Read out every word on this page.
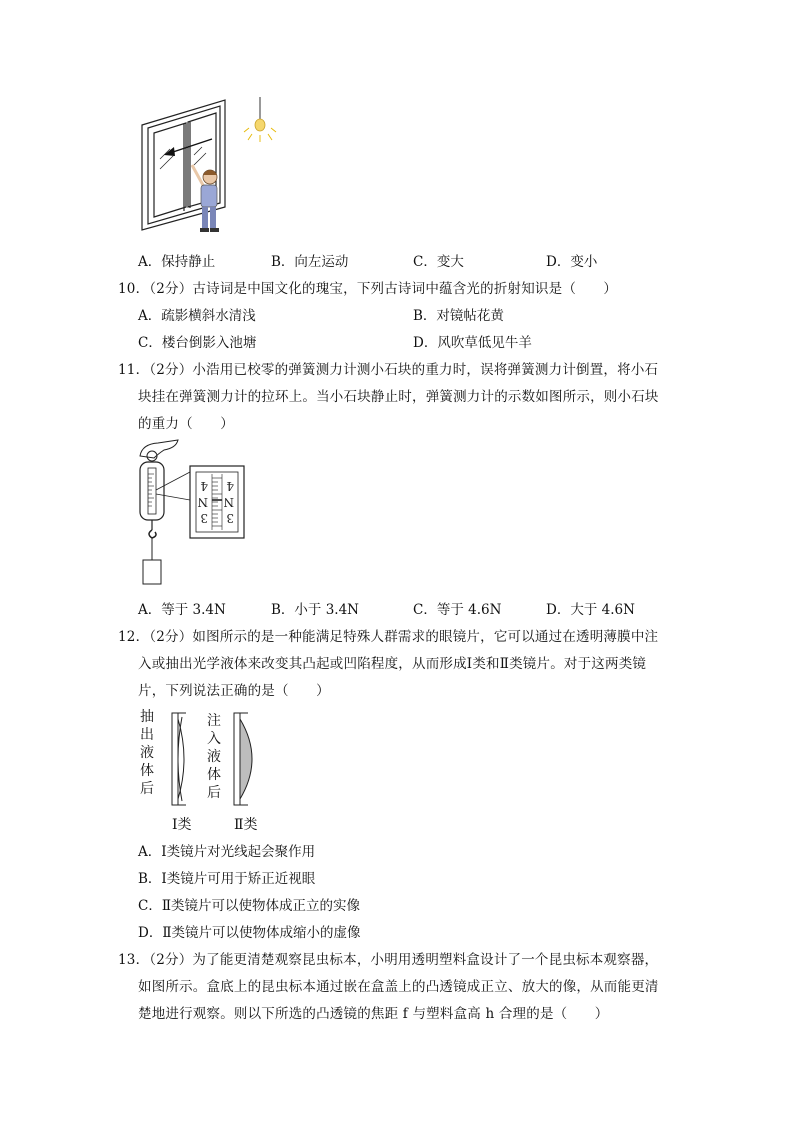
A．保持静止	B．向左运动	C．变大	D．变小
10．（2分）古诗词是中国文化的瑰宝，下列古诗词中蕴含光的折射知识是（　　）
A．疏影横斜水清浅	B．对镜帖花黄
C．楼台倒影入池塘	D．风吹草低见牛羊
11．（2分）小浩用已校零的弹簧测力计测小石块的重力时，误将弹簧测力计倒置，将小石
块挂在弹簧测力计的拉环上。当小石块静止时，弹簧测力计的示数如图所示，则小石块
的重力（　　）
4
N
3
4
N
3
A．等于 3.4N	B．小于 3.4N	C．等于 4.6N	D．大于 4.6N
12．（2分）如图所示的是一种能满足特殊人群需求的眼镜片，它可以通过在透明薄膜中注
入或抽出光学液体来改变其凸起或凹陷程度，从而形成Ⅰ类和Ⅱ类镜片。对于这两类镜
片，下列说法正确的是（　　）
抽
出
液
体
后
注
入
液
体
后
Ⅰ类	Ⅱ类
A．Ⅰ类镜片对光线起会聚作用
B．Ⅰ类镜片可用于矫正近视眼
C．Ⅱ类镜片可以使物体成正立的实像
D．Ⅱ类镜片可以使物体成缩小的虚像
13．（2分）为了能更清楚观察昆虫标本，小明用透明塑料盒设计了一个昆虫标本观察器，
如图所示。盒底上的昆虫标本通过嵌在盒盖上的凸透镜成正立、放大的像，从而能更清
楚地进行观察。则以下所选的凸透镜的焦距 f 与塑料盒高 h 合理的是（　　）
